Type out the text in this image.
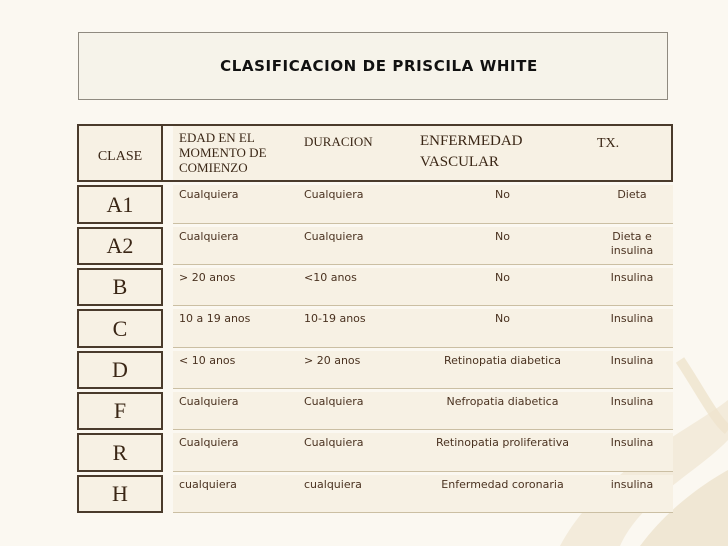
CLASIFICACION DE PRISCILA WHITE
CLASE		EDAD EN EL MOMENTO DE COMIENZO	DURACION	ENFERMEDAD VASCULAR	TX.
A1		Cualquiera	Cualquiera	No	Dieta
A2		Cualquiera	Cualquiera	No	Dieta e insulina
B		> 20 anos	<10 anos	No	Insulina
C		10 a 19 anos	10-19 anos	No	Insulina
D		< 10 anos	> 20 anos	Retinopatia diabetica	Insulina
F		Cualquiera	Cualquiera	Nefropatia diabetica	Insulina
R		Cualquiera	Cualquiera	Retinopatia proliferativa	Insulina
H		cualquiera	cualquiera	Enfermedad coronaria	insulina
